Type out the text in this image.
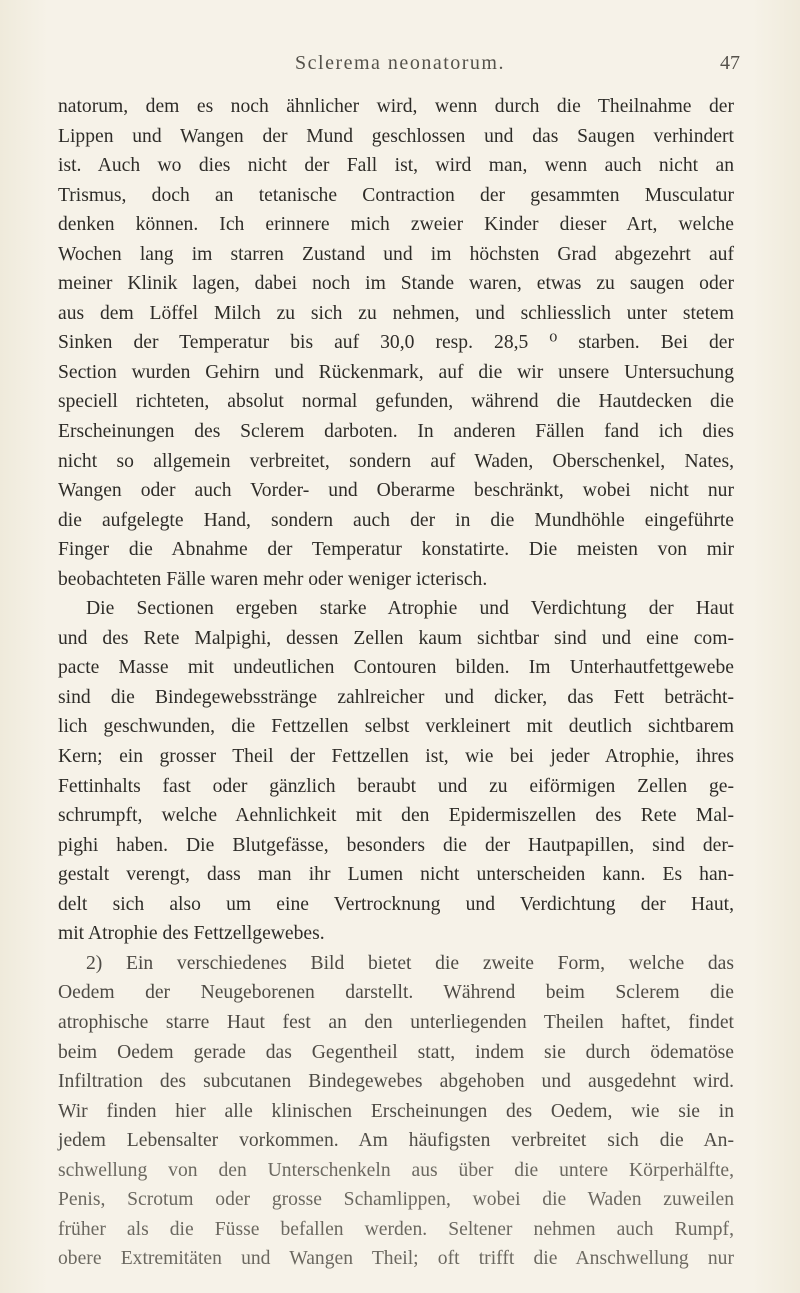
Sclerema neonatorum.	47
natorum, dem es noch ähnlicher wird, wenn durch die Theilnahme der
Lippen und Wangen der Mund geschlossen und das Saugen verhindert
ist. Auch wo dies nicht der Fall ist, wird man, wenn auch nicht an
Trismus, doch an tetanische Contraction der gesammten Musculatur
denken können. Ich erinnere mich zweier Kinder dieser Art, welche
Wochen lang im starren Zustand und im höchsten Grad abgezehrt auf
meiner Klinik lagen, dabei noch im Stande waren, etwas zu saugen oder
aus dem Löffel Milch zu sich zu nehmen, und schliesslich unter stetem
Sinken der Temperatur bis auf 30,0 resp. 28,5 ⁰ starben. Bei der
Section wurden Gehirn und Rückenmark, auf die wir unsere Untersuchung
speciell richteten, absolut normal gefunden, während die Hautdecken die
Erscheinungen des Sclerem darboten. In anderen Fällen fand ich dies
nicht so allgemein verbreitet, sondern auf Waden, Oberschenkel, Nates,
Wangen oder auch Vorder- und Oberarme beschränkt, wobei nicht nur
die aufgelegte Hand, sondern auch der in die Mundhöhle eingeführte
Finger die Abnahme der Temperatur konstatirte. Die meisten von mir
beobachteten Fälle waren mehr oder weniger icterisch.
Die Sectionen ergeben starke Atrophie und Verdichtung der Haut
und des Rete Malpighi, dessen Zellen kaum sichtbar sind und eine com-
pacte Masse mit undeutlichen Contouren bilden. Im Unterhautfettgewebe
sind die Bindegewebsstränge zahlreicher und dicker, das Fett beträcht-
lich geschwunden, die Fettzellen selbst verkleinert mit deutlich sichtbarem
Kern; ein grosser Theil der Fettzellen ist, wie bei jeder Atrophie, ihres
Fettinhalts fast oder gänzlich beraubt und zu eiförmigen Zellen ge-
schrumpft, welche Aehnlichkeit mit den Epidermiszellen des Rete Mal-
pighi haben. Die Blutgefässe, besonders die der Hautpapillen, sind der-
gestalt verengt, dass man ihr Lumen nicht unterscheiden kann. Es han-
delt sich also um eine Vertrocknung und Verdichtung der Haut,
mit Atrophie des Fettzellgewebes.
2) Ein verschiedenes Bild bietet die zweite Form, welche das
Oedem der Neugeborenen darstellt. Während beim Sclerem die
atrophische starre Haut fest an den unterliegenden Theilen haftet, findet
beim Oedem gerade das Gegentheil statt, indem sie durch ödematöse
Infiltration des subcutanen Bindegewebes abgehoben und ausgedehnt wird.
Wir finden hier alle klinischen Erscheinungen des Oedem, wie sie in
jedem Lebensalter vorkommen. Am häufigsten verbreitet sich die An-
schwellung von den Unterschenkeln aus über die untere Körperhälfte,
Penis, Scrotum oder grosse Schamlippen, wobei die Waden zuweilen
früher als die Füsse befallen werden. Seltener nehmen auch Rumpf,
obere Extremitäten und Wangen Theil; oft trifft die Anschwellung nur
